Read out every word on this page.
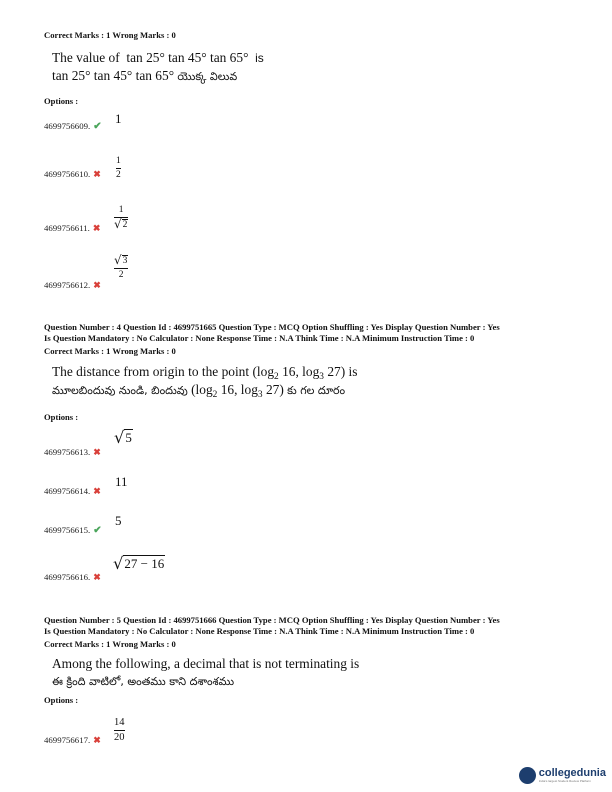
Correct Marks : 1 Wrong Marks : 0
The value of tan 25° tan 45° tan 65° is
tan 25° tan 45° tan 65° యొక్క విలువ
Options :
4699756609. ✔
1
4699756610. ✖ $\frac{1}{2}$
4699756611. ✖ $\frac{1}{√ 2}$
4699756612. ✖
$\frac{√ 3}{2}$
Question Number : 4 Question Id : 4699751665 Question Type : MCQ Option Shuffling : Yes Display Question Number : Yes
Is Question Mandatory : No Calculator : None Response Time : N.A Think Time : N.A Minimum Instruction Time : 0
Correct Marks : 1 Wrong Marks : 0
The distance from origin to the point ($\log_2$ 16, $\log_3 27$) is
మూలబిందువు నుండి, బిందువు ($\log_2$ 16, $\log_3 27$) కు గల దూరం
Options :
4699756613. ✖
√ 5
4699756614. ✖
11
4699756615. ✔
5
4699756616. ✖
√ 27 − 16
Question Number : 5 Question Id : 4699751666 Question Type : MCQ Option Shuffling : Yes Display Question Number : Yes
Is Question Mandatory : No Calculator : None Response Time : N.A Think Time : N.A Minimum Instruction Time : 0
Correct Marks : 1 Wrong Marks : 0
Among the following, a decimal that is not terminating is
ఈ క్రింది వాటిలో, అంతము కాని దశాంశము
Options :
4699756617. ✖ $\frac{14}{20}$
collegedunia
India's largest Student Review Platform
